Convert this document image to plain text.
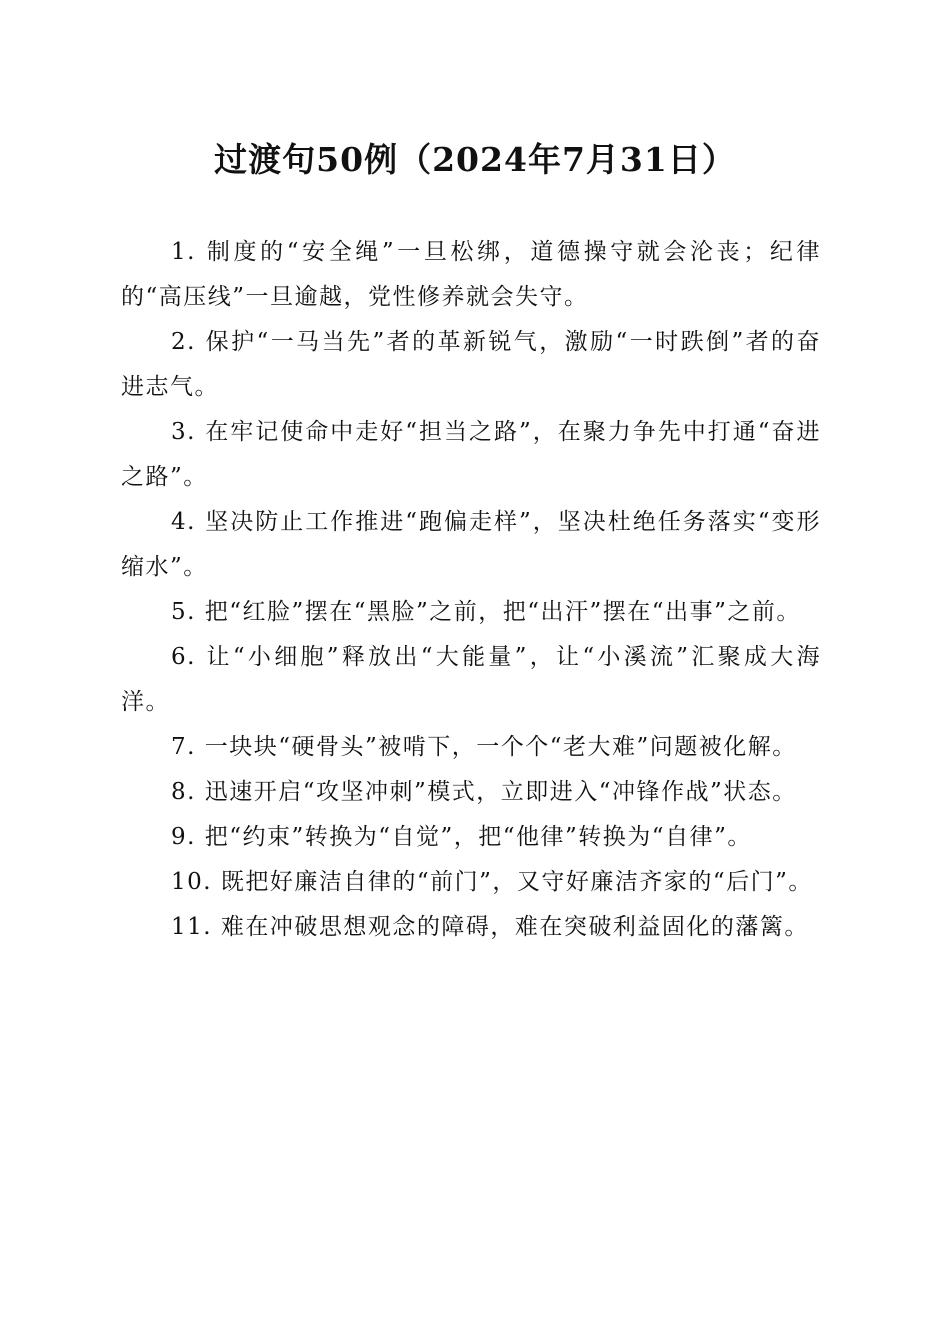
过渡句50例（2024年7月31日）

1. 制度的“安全绳”一旦松绑，道德操守就会沦丧；纪律的“高压线”一旦逾越，党性修养就会失守。

2. 保护“一马当先”者的革新锐气，激励“一时跌倒”者的奋进志气。

3. 在牢记使命中走好“担当之路”，在聚力争先中打通“奋进之路”。

4. 坚决防止工作推进“跑偏走样”，坚决杜绝任务落实“变形缩水”。

5. 把“红脸”摆在“黑脸”之前，把“出汗”摆在“出事”之前。

6. 让“小细胞”释放出“大能量”，让“小溪流”汇聚成大海洋。

7. 一块块“硬骨头”被啃下，一个个“老大难”问题被化解。

8. 迅速开启“攻坚冲刺”模式，立即进入“冲锋作战”状态。

9. 把“约束”转换为“自觉”，把“他律”转换为“自律”。

10. 既把好廉洁自律的“前门”，又守好廉洁齐家的“后门”。

11. 难在冲破思想观念的障碍，难在突破利益固化的藩篱。
